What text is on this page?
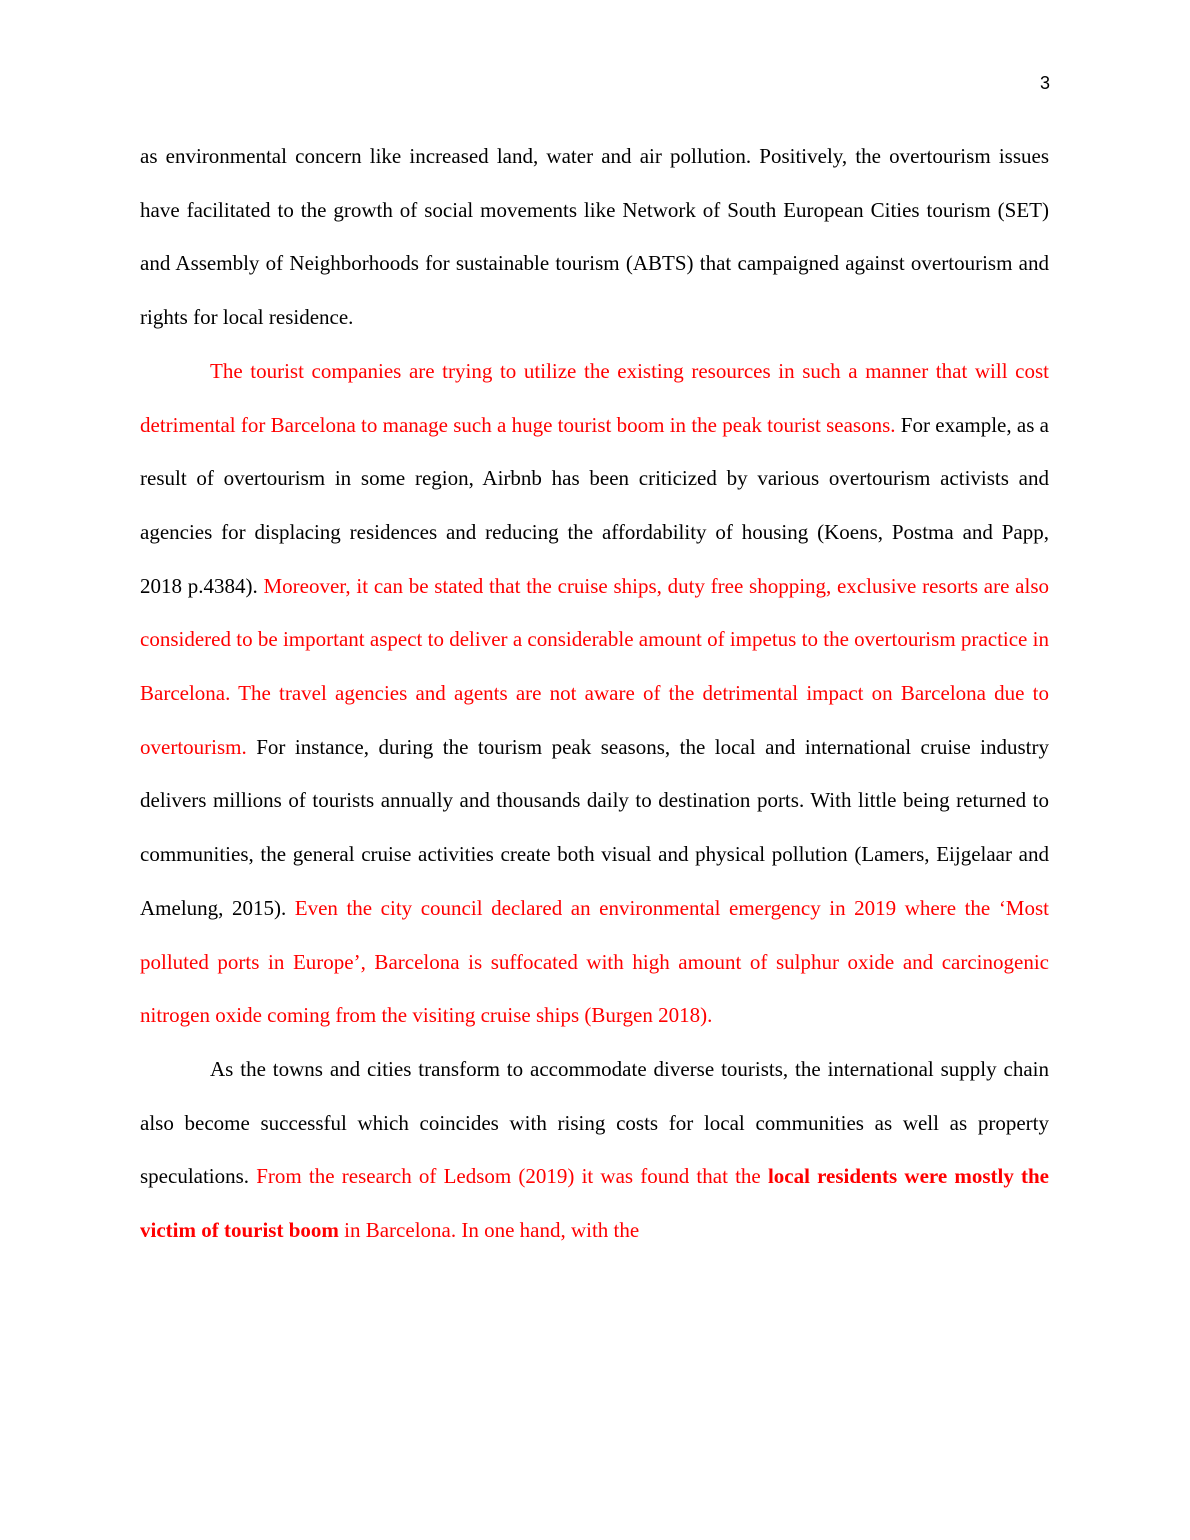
3

as environmental concern like increased land, water and air pollution. Positively, the overtourism issues have facilitated to the growth of social movements like Network of South European Cities tourism (SET) and Assembly of Neighborhoods for sustainable tourism (ABTS) that campaigned against overtourism and rights for local residence.

The tourist companies are trying to utilize the existing resources in such a manner that will cost detrimental for Barcelona to manage such a huge tourist boom in the peak tourist seasons. For example, as a result of overtourism in some region, Airbnb has been criticized by various overtourism activists and agencies for displacing residences and reducing the affordability of housing (Koens, Postma and Papp, 2018 p.4384). Moreover, it can be stated that the cruise ships, duty free shopping, exclusive resorts are also considered to be important aspect to deliver a considerable amount of impetus to the overtourism practice in Barcelona. The travel agencies and agents are not aware of the detrimental impact on Barcelona due to overtourism. For instance, during the tourism peak seasons, the local and international cruise industry delivers millions of tourists annually and thousands daily to destination ports. With little being returned to communities, the general cruise activities create both visual and physical pollution (Lamers, Eijgelaar and Amelung, 2015). Even the city council declared an environmental emergency in 2019 where the ‘Most polluted ports in Europe’, Barcelona is suffocated with high amount of sulphur oxide and carcinogenic nitrogen oxide coming from the visiting cruise ships (Burgen 2018).

As the towns and cities transform to accommodate diverse tourists, the international supply chain also become successful which coincides with rising costs for local communities as well as property speculations. From the research of Ledsom (2019) it was found that the local residents were mostly the victim of tourist boom in Barcelona. In one hand, with the
